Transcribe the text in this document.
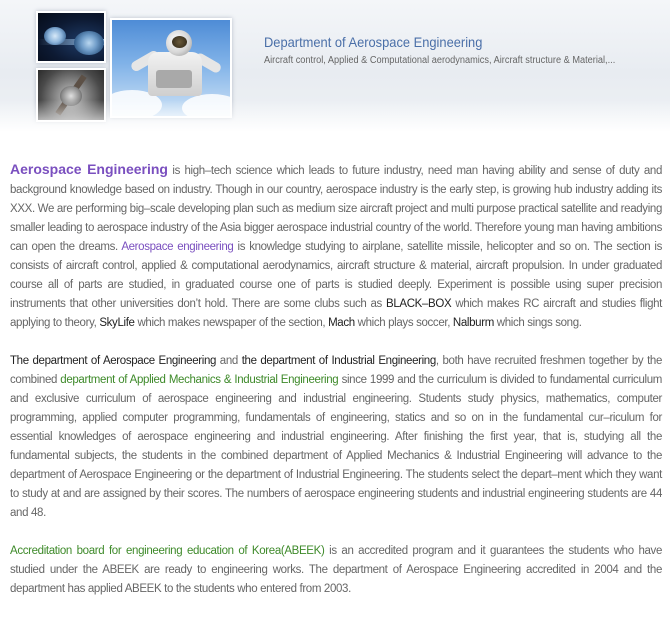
Department of Aerospace Engineering
Aircraft control, Applied & Computational aerodynamics, Aircraft structure & Material,...

Aerospace Engineering is high–tech science which leads to future industry, need man having ability and sense of duty and background knowledge based on industry. Though in our country, aerospace industry is the early step, is growing hub industry adding its XXX. We are performing big–scale developing plan such as medium size aircraft project and multi purpose practical satellite and readying smaller leading to aerospace industry of the Asia bigger aerospace industrial country of the world. Therefore young man having ambitions can open the dreams. Aerospace engineering is knowledge studying to airplane, satellite missile, helicopter and so on. The section is consists of aircraft control, applied & computational aerodynamics, aircraft structure & material, aircraft propulsion. In under graduated course all of parts are studied, in graduated course one of parts is studied deeply. Experiment is possible using super precision instruments that other universities don’t hold. There are some clubs such as BLACK–BOX which makes RC aircraft and studies flight applying to theory, SkyLife which makes newspaper of the section, Mach which plays soccer, Nalburm which sings song.

The department of Aerospace Engineering and the department of Industrial Engineering, both have recruited freshmen together by the combined department of Applied Mechanics & Industrial Engineering since 1999 and the curriculum is divided to fundamental curriculum and exclusive curriculum of aerospace engineering and industrial engineering. Students study physics, mathematics, computer programming, applied computer programming, fundamentals of engineering, statics and so on in the fundamental cur–riculum for essential knowledges of aerospace engineering and industrial engineering. After finishing the first year, that is, studying all the fundamental subjects, the students in the combined department of Applied Mechanics & Industrial Engineering will advance to the department of Aerospace Engineering or the department of Industrial Engineering. The students select the depart–ment which they want to study at and are assigned by their scores. The numbers of aerospace engineering students and industrial engineering students are 44 and 48.

Accreditation board for engineering education of Korea(ABEEK) is an accredited program and it guarantees the students who have studied under the ABEEK are ready to engineering works. The department of Aerospace Engineering accredited in 2004 and the department has applied ABEEK to the students who entered from 2003.
